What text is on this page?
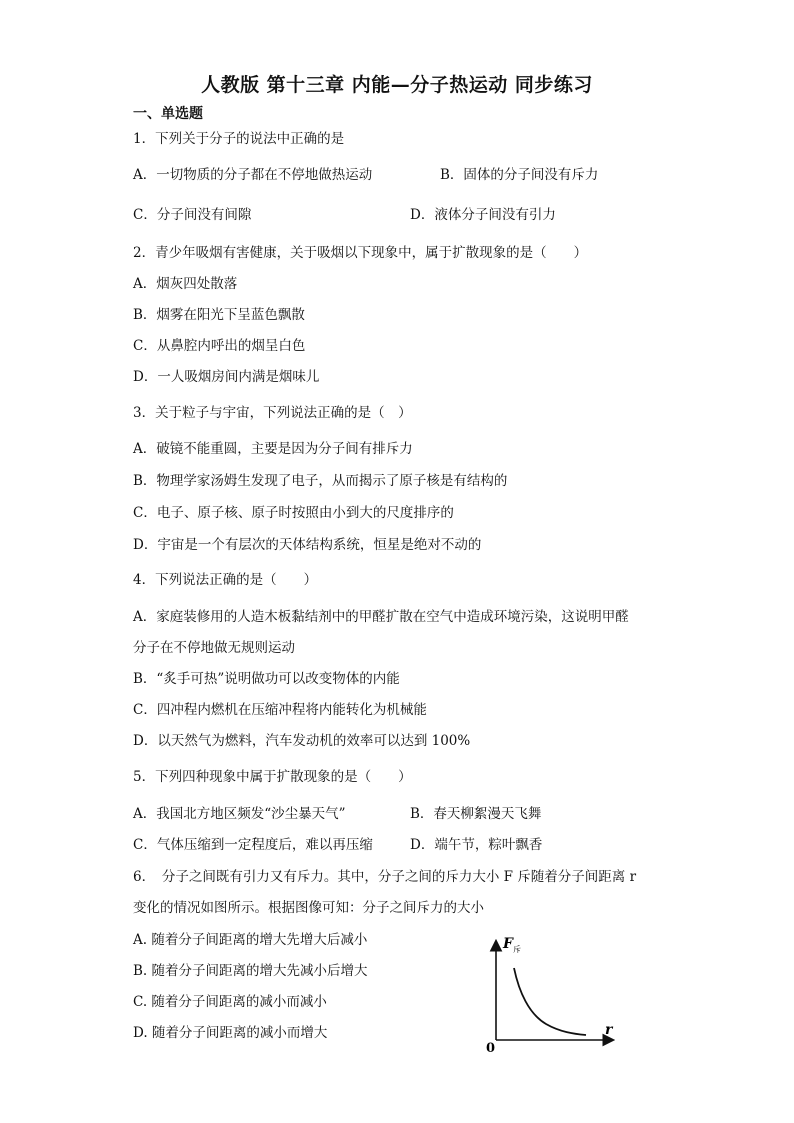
人教版 第十三章 内能—分子热运动 同步练习
一、单选题
1．下列关于分子的说法中正确的是
A．一切物质的分子都在不停地做热运动	B．固体的分子间没有斥力
C．分子间没有间隙	D．液体分子间没有引力
2．青少年吸烟有害健康，关于吸烟以下现象中，属于扩散现象的是（　　）
A．烟灰四处散落
B．烟雾在阳光下呈蓝色飘散
C．从鼻腔内呼出的烟呈白色
D．一人吸烟房间内满是烟味儿
3．关于粒子与宇宙，下列说法正确的是（　）
A．破镜不能重圆，主要是因为分子间有排斥力
B．物理学家汤姆生发现了电子，从而揭示了原子核是有结构的
C．电子、原子核、原子时按照由小到大的尺度排序的
D．宇宙是一个有层次的天体结构系统，恒星是绝对不动的
4．下列说法正确的是（　　）
A．家庭装修用的人造木板黏结剂中的甲醛扩散在空气中造成环境污染，这说明甲醛
分子在不停地做无规则运动
B．“炙手可热”说明做功可以改变物体的内能
C．四冲程内燃机在压缩冲程将内能转化为机械能
D．以天然气为燃料，汽车发动机的效率可以达到 100%
5．下列四种现象中属于扩散现象的是（　　）
A．我国北方地区频发“沙尘暴天气”	B．春天柳絮漫天飞舞
C．气体压缩到一定程度后，难以再压缩	D．端午节，粽叶飘香
6．　分子之间既有引力又有斥力。其中，分子之间的斥力大小 F 斥随着分子间距离 r
变化的情况如图所示。根据图像可知：分子之间斥力的大小
A. 随着分子间距离的增大先增大后减小
B. 随着分子间距离的增大先减小后增大
C. 随着分子间距离的减小而减小
D. 随着分子间距离的减小而增大
F 斥
r
0
